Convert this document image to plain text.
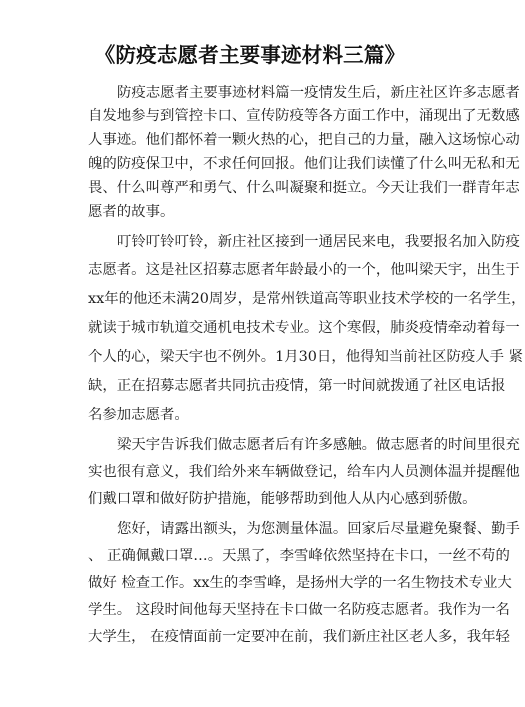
《防疫志愿者主要事迹材料三篇》
防疫志愿者主要事迹材料篇一疫情发生后，新庄社区许多志愿者
自发地参与到管控卡口、宣传防疫等各方面工作中，涌现出了无数感
人事迹。他们都怀着一颗火热的心，把自己的力量，融入这场惊心动
魄的防疫保卫中，不求任何回报。他们让我们读懂了什么叫无私和无
畏、什么叫尊严和勇气、什么叫凝聚和挺立。今天让我们一群青年志
愿者的故事。
叮铃叮铃叮铃，新庄社区接到一通居民来电，我要报名加入防疫
志愿者。这是社区招募志愿者年龄最小的一个，他叫梁天宇，出生于
xx年的他还未满20周岁，是常州铁道高等职业技术学校的一名学生，
就读于城市轨道交通机电技术专业。这个寒假，肺炎疫情牵动着每一
个人的心，梁天宇也不例外。1月30日，他得知当前社区防疫人手 紧
缺，正在招募志愿者共同抗击疫情，第一时间就拨通了社区电话报
名参加志愿者。
梁天宇告诉我们做志愿者后有许多感触。做志愿者的时间里很充
实也很有意义，我们给外来车辆做登记，给车内人员测体温并提醒他
们戴口罩和做好防护措施，能够帮助到他人从内心感到骄傲。
您好，请露出额头，为您测量体温。回家后尽量避免聚餐、勤手
、 正确佩戴口罩…。天黑了，李雪峰依然坚持在卡口，一丝不苟的
做好 检查工作。xx生的李雪峰，是扬州大学的一名生物技术专业大
学生。 这段时间他每天坚持在卡口做一名防疫志愿者。我作为一名
大学生， 在疫情面前一定要冲在前，我们新庄社区老人多，我年轻
